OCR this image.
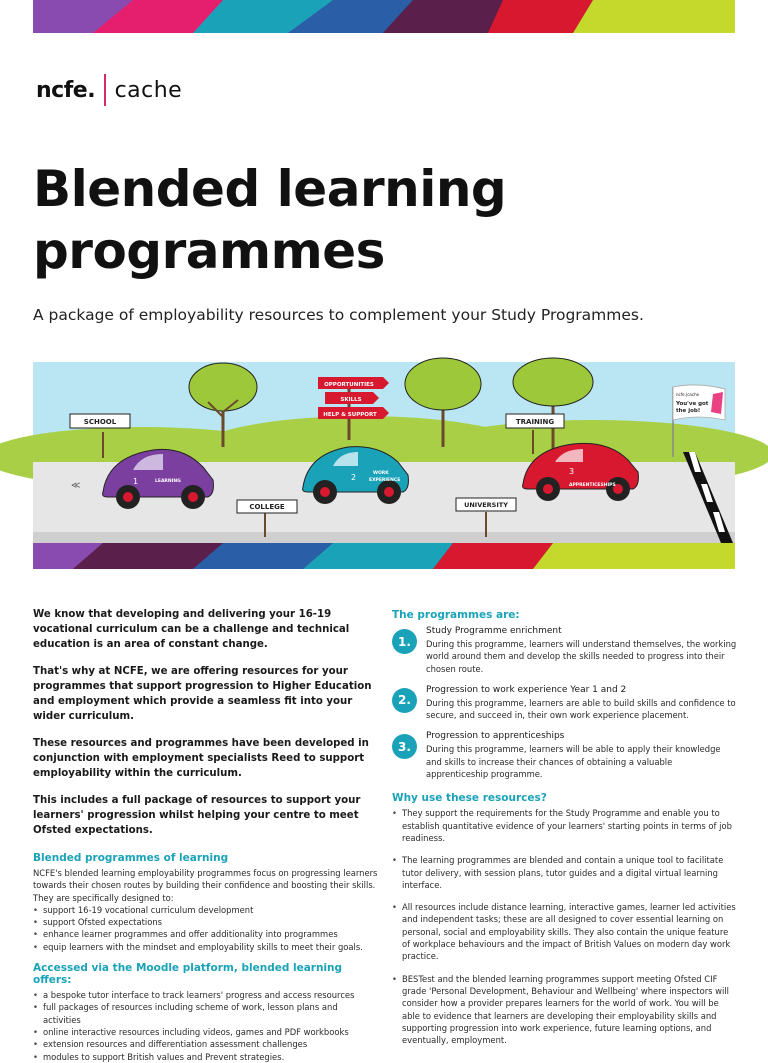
ncfe. cache
Blended learning
programmes

A package of employability resources to complement your Study Programmes.

SCHOOL	TRAINING
COLLEGE	UNIVERSITY
OPPORTUNITIES
SKILLS
HELP & SUPPORT
ncfe.|cache
You've got
the job!
1	LEARNING
≪
2	WORK
EXPERIENCE
3
APPRENTICESHIPS

We know that developing and delivering your 16-19 vocational curriculum can be a challenge and technical education is an area of constant change.

That's why at NCFE, we are offering resources for your programmes that support progression to Higher Education and employment which provide a seamless fit into your wider curriculum.

These resources and programmes have been developed in conjunction with employment specialists Reed to support employability within the curriculum.

This includes a full package of resources to support your learners' progression whilst helping your centre to meet Ofsted expectations.

Blended programmes of learning

NCFE's blended learning employability programmes focus on progressing learners towards their chosen routes by building their confidence and boosting their skills. They are specifically designed to:

• support 16-19 vocational curriculum development
• support Ofsted expectations
• enhance learner programmes and offer additionality into programmes
• equip learners with the mindset and employability skills to meet their goals.
Accessed via the Moodle platform, blended learning offers:
• a bespoke tutor interface to track learners' progress and access resources
• full packages of resources including scheme of work, lesson plans and activities
• online interactive resources including videos, games and PDF workbooks
• extension resources and differentiation assessment challenges
• modules to support British values and Prevent strategies.
The programmes are:
1.
Study Programme enrichment
During this programme, learners will understand themselves, the working world around them and develop the skills needed to progress into their chosen route.
2.
Progression to work experience Year 1 and 2
During this programme, learners are able to build skills and confidence to secure, and succeed in, their own work experience placement.
3.
Progression to apprenticeships
During this programme, learners will be able to apply their knowledge and skills to increase their chances of obtaining a valuable apprenticeship programme.
Why use these resources?
• They support the requirements for the Study Programme and enable you to establish quantitative evidence of your learners' starting points in terms of job readiness.
• The learning programmes are blended and contain a unique tool to facilitate tutor delivery, with session plans, tutor guides and a digital virtual learning interface.
• All resources include distance learning, interactive games, learner led activities and independent tasks; these are all designed to cover essential learning on personal, social and employability skills. They also contain the unique feature of workplace behaviours and the impact of British Values on modern day work practice.
• BESTest and the blended learning programmes support meeting Ofsted CIF grade 'Personal Development, Behaviour and Wellbeing' where inspectors will consider how a provider prepares learners for the world of work. You will be able to evidence that learners are developing their employability skills and supporting progression into work experience, future learning options, and eventually, employment.
